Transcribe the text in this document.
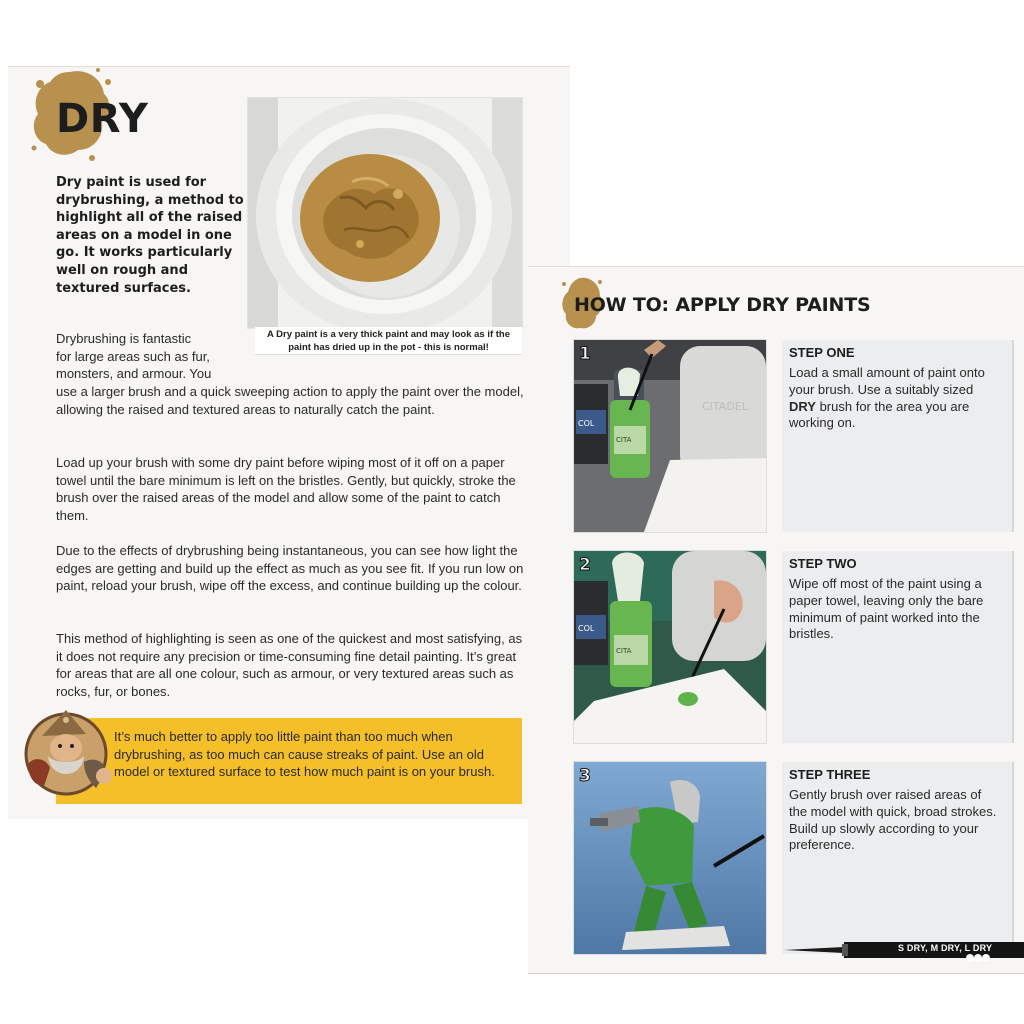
DRY

Dry paint is used for drybrushing, a method to highlight all of the raised areas on a model in one go. It works particularly well on rough and textured surfaces.

A Dry paint is a very thick paint and may look as if the
paint has dried up in the pot - this is normal!

Drybrushing is fantastic
for large areas such as fur,
monsters, and armour. You

use a larger brush and a quick sweeping action to apply the paint over the model, allowing the raised and textured areas to naturally catch the paint.

Load up your brush with some dry paint before wiping most of it off on a paper towel until the bare minimum is left on the bristles. Gently, but quickly, stroke the brush over the raised areas of the model and allow some of the paint to catch them.

Due to the effects of drybrushing being instantaneous, you can see how light the edges are getting and build up the effect as much as you see fit. If you run low on paint, reload your brush, wipe off the excess, and continue building up the colour.

This method of highlighting is seen as one of the quickest and most satisfying, as it does not require any precision or time-consuming fine detail painting. It’s great for areas that are all one colour, such as armour, or very textured areas such as rocks, fur, or bones.

It’s much better to apply too little paint than too much when drybrushing, as too much can cause streaks of paint. Use an old model or textured surface to test how much paint is on your brush.

HOW TO: APPLY DRY PAINTS
CITADEL
COL
CITA
1	STEP ONE

Load a small amount of paint onto your brush. Use a suitably sized DRY brush for the area you are working on.

COL
CITA
2	STEP TWO

Wipe off most of the paint using a paper towel, leaving only the bare minimum of paint worked into the bristles.

3	STEP THREE

Gently brush over raised areas of the model with quick, broad strokes. Build up slowly according to your preference.

S DRY, M DRY, L DRY
